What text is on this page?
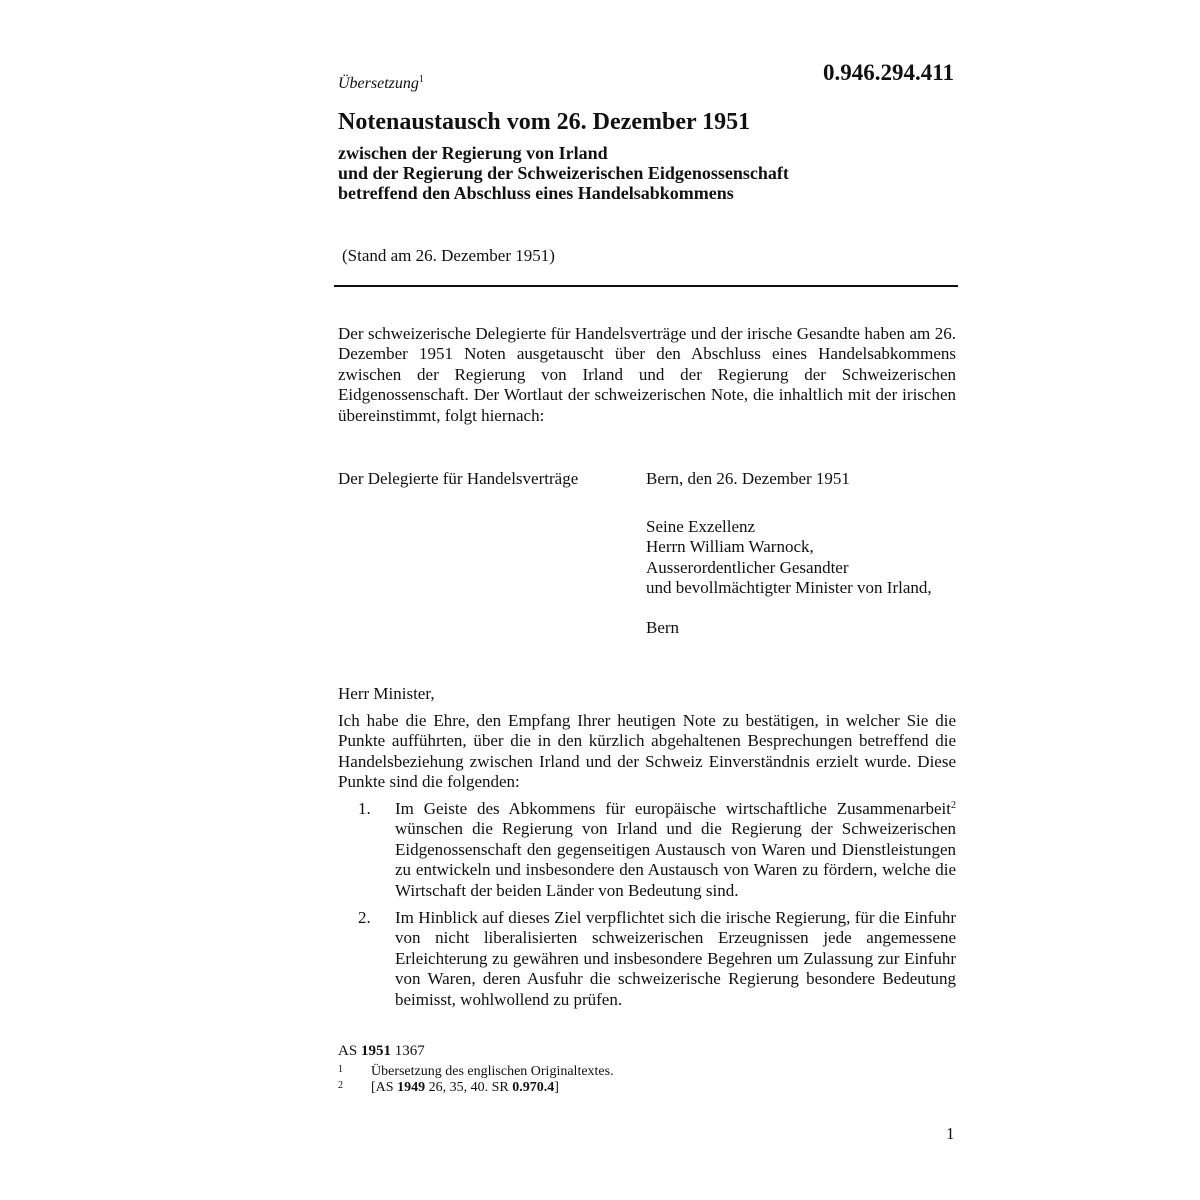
Übersetzung$^1$	0.946.294.411
Notenaustausch vom 26. Dezember 1951
zwischen der Regierung von Irland
und der Regierung der Schweizerischen Eidgenossenschaft
betreffend den Abschluss eines Handelsabkommens
(Stand am 26. Dezember 1951)
Der schweizerische Delegierte für Handelsverträge und der irische Gesandte haben am 26. Dezember 1951 Noten ausgetauscht über den Abschluss eines Handelsabkommens zwischen der Regierung von Irland und der Regierung der Schweizerischen Eidgenossenschaft. Der Wortlaut der schweizerischen Note, die inhaltlich mit der irischen übereinstimmt, folgt hiernach:
Der Delegierte für Handelsverträge	Bern, den 26. Dezember 1951
Seine Exzellenz
Herrn William Warnock,
Ausserordentlicher Gesandter
und bevollmächtigter Minister von Irland,
Bern
Herr Minister,
Ich habe die Ehre, den Empfang Ihrer heutigen Note zu bestätigen, in welcher Sie die Punkte aufführten, über die in den kürzlich abgehaltenen Besprechungen betreffend die Handelsbeziehung zwischen Irland und der Schweiz Einverständnis erzielt wurde. Diese Punkte sind die folgenden:
1. Im Geiste des Abkommens für europäische wirtschaftliche Zusammenarbeit$^2$ wünschen die Regierung von Irland und die Regierung der Schweizerischen Eidgenossenschaft den gegenseitigen Austausch von Waren und Dienstleistungen zu entwickeln und insbesondere den Austausch von Waren zu fördern, welche die Wirtschaft der beiden Länder von Bedeutung sind.
2. Im Hinblick auf dieses Ziel verpflichtet sich die irische Regierung, für die Einfuhr von nicht liberalisierten schweizerischen Erzeugnissen jede angemessene Erleichterung zu gewähren und insbesondere Begehren um Zulassung zur Einfuhr von Waren, deren Ausfuhr die schweizerische Regierung besondere Bedeutung beimisst, wohlwollend zu prüfen.
AS 1951 1367
1 Übersetzung des englischen Originaltextes.
2 [AS 1949 26, 35, 40. SR 0.970.4]
1
